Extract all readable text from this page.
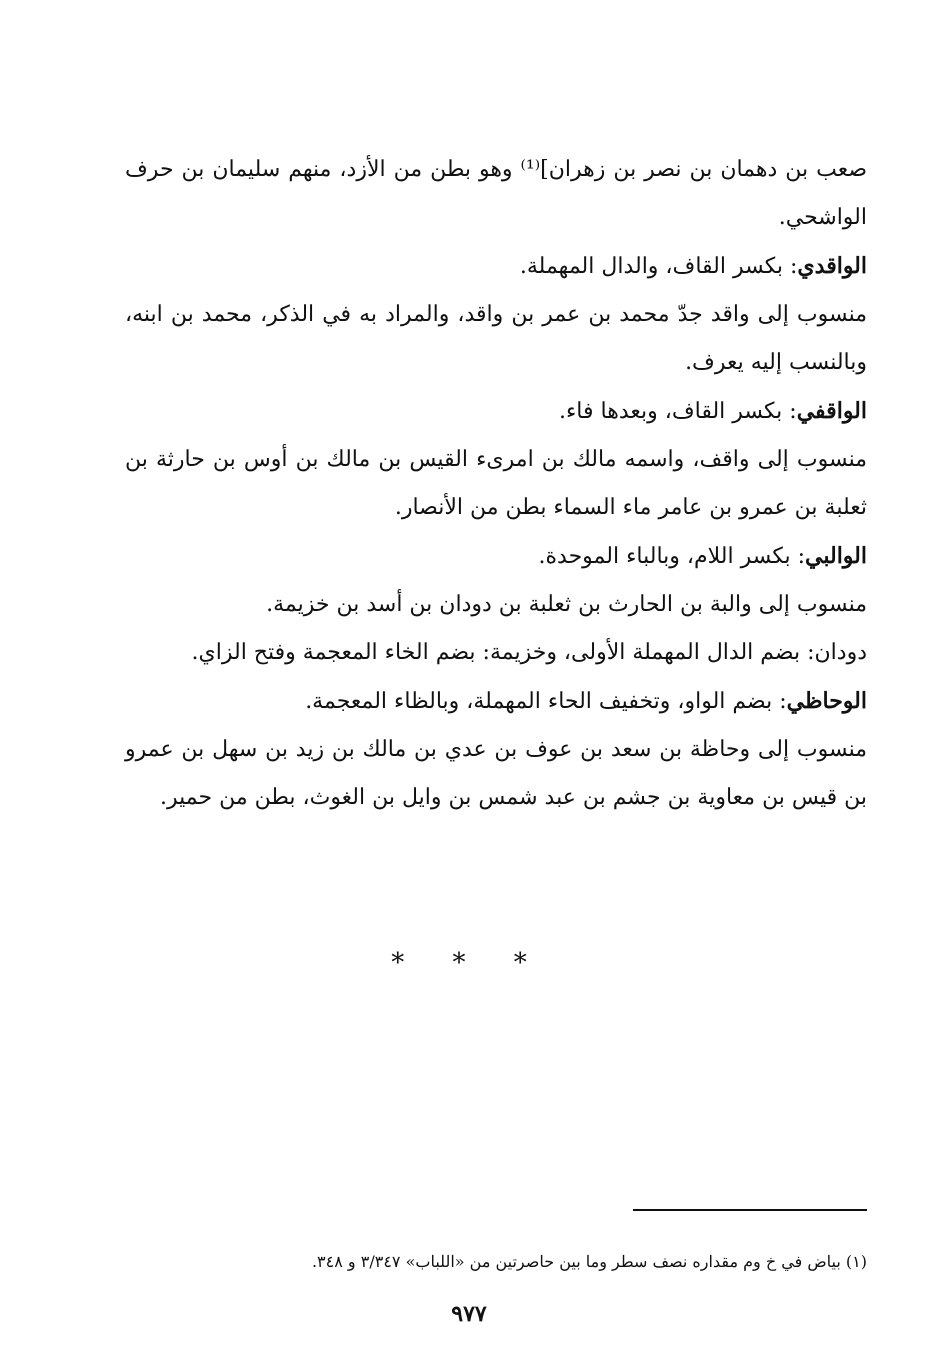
صعب بن دهمان بن نصر بن زهران]⁽¹⁾ وهو بطن من الأزد، منهم سليمان بن حرف الواشحي.

الواقدي: بكسر القاف، والدال المهملة.

منسوب إلى واقد جدّ محمد بن عمر بن واقد، والمراد به في الذكر، محمد بن ابنه، وبالنسب إليه يعرف.

الواقفي: بكسر القاف، وبعدها فاء.

منسوب إلى واقف، واسمه مالك بن امرىء القيس بن مالك بن أوس بن حارثة بن ثعلبة بن عمرو بن عامر ماء السماء بطن من الأنصار.

الوالبي: بكسر اللام، وبالباء الموحدة.

منسوب إلى والبة بن الحارث بن ثعلبة بن دودان بن أسد بن خزيمة.

دودان: بضم الدال المهملة الأولى، وخزيمة: بضم الخاء المعجمة وفتح الزاي.

الوحاظي: بضم الواو، وتخفيف الحاء المهملة، وبالظاء المعجمة.

منسوب إلى وحاظة بن سعد بن عوف بن عدي بن مالك بن زيد بن سهل بن عمرو بن قيس بن معاوية بن جشم بن عبد شمس بن وايل بن الغوث، بطن من حمير.

* * *
(١) بياض في خ وم مقداره نصف سطر وما بين حاصرتين من «اللباب» ٣/٣٤٧ و ٣٤٨.
٩٧٧
